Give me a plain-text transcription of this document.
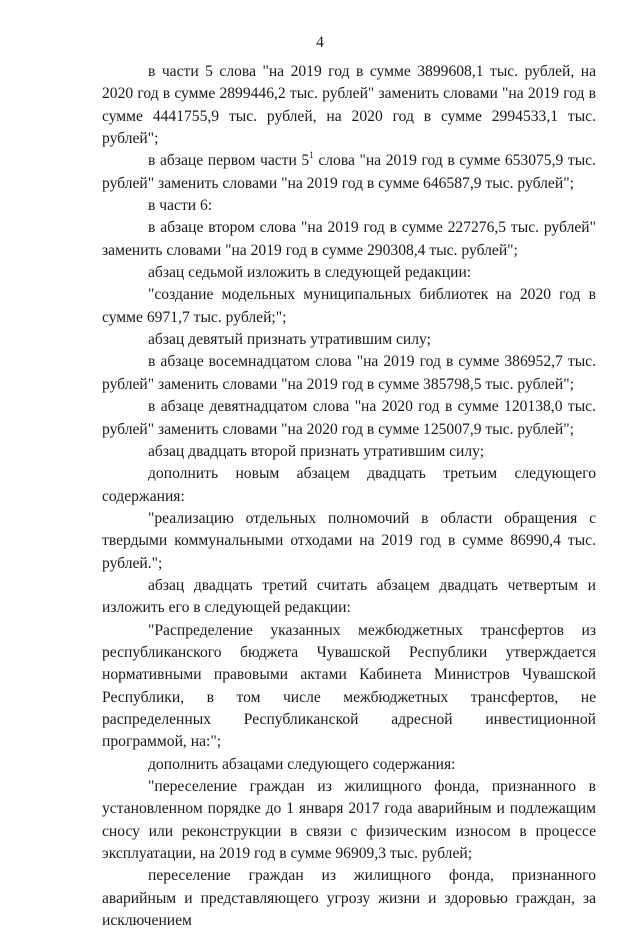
4

в части 5 слова "на 2019 год в сумме 3899608,1 тыс. рублей, на 2020 год в сумме 2899446,2 тыс. рублей" заменить словами "на 2019 год в сумме 4441755,9 тыс. рублей, на 2020 год в сумме 2994533,1 тыс. рублей";

в абзаце первом части $5^1$ слова "на 2019 год в сумме 653075,9 тыс. рублей" заменить словами "на 2019 год в сумме 646587,9 тыс. рублей";

в части 6:

в абзаце втором слова "на 2019 год в сумме 227276,5 тыс. рублей" заменить словами "на 2019 год в сумме 290308,4 тыс. рублей";

абзац седьмой изложить в следующей редакции:

"создание модельных муниципальных библиотек на 2020 год в сумме 6971,7 тыс. рублей;";

абзац девятый признать утратившим силу;

в абзаце восемнадцатом слова "на 2019 год в сумме 386952,7 тыс. рублей" заменить словами "на 2019 год в сумме 385798,5 тыс. рублей";

в абзаце девятнадцатом слова "на 2020 год в сумме 120138,0 тыс. рублей" заменить словами "на 2020 год в сумме 125007,9 тыс. рублей";

абзац двадцать второй признать утратившим силу;

дополнить новым абзацем двадцать третьим следующего содержания:

"реализацию отдельных полномочий в области обращения с твердыми коммунальными отходами на 2019 год в сумме 86990,4 тыс. рублей.";

абзац двадцать третий считать абзацем двадцать четвертым и изложить его в следующей редакции:

"Распределение указанных межбюджетных трансфертов из республиканского бюджета Чувашской Республики утверждается нормативными правовыми актами Кабинета Министров Чувашской Республики, в том числе межбюджетных трансфертов, не распределенных Республиканской адресной инвестиционной программой, на:";

дополнить абзацами следующего содержания:

"переселение граждан из жилищного фонда, признанного в установленном порядке до 1 января 2017 года аварийным и подлежащим сносу или реконструкции в связи с физическим износом в процессе эксплуатации, на 2019 год в сумме 96909,3 тыс. рублей;

переселение граждан из жилищного фонда, признанного аварийным и представляющего угрозу жизни и здоровью граждан, за исключением
